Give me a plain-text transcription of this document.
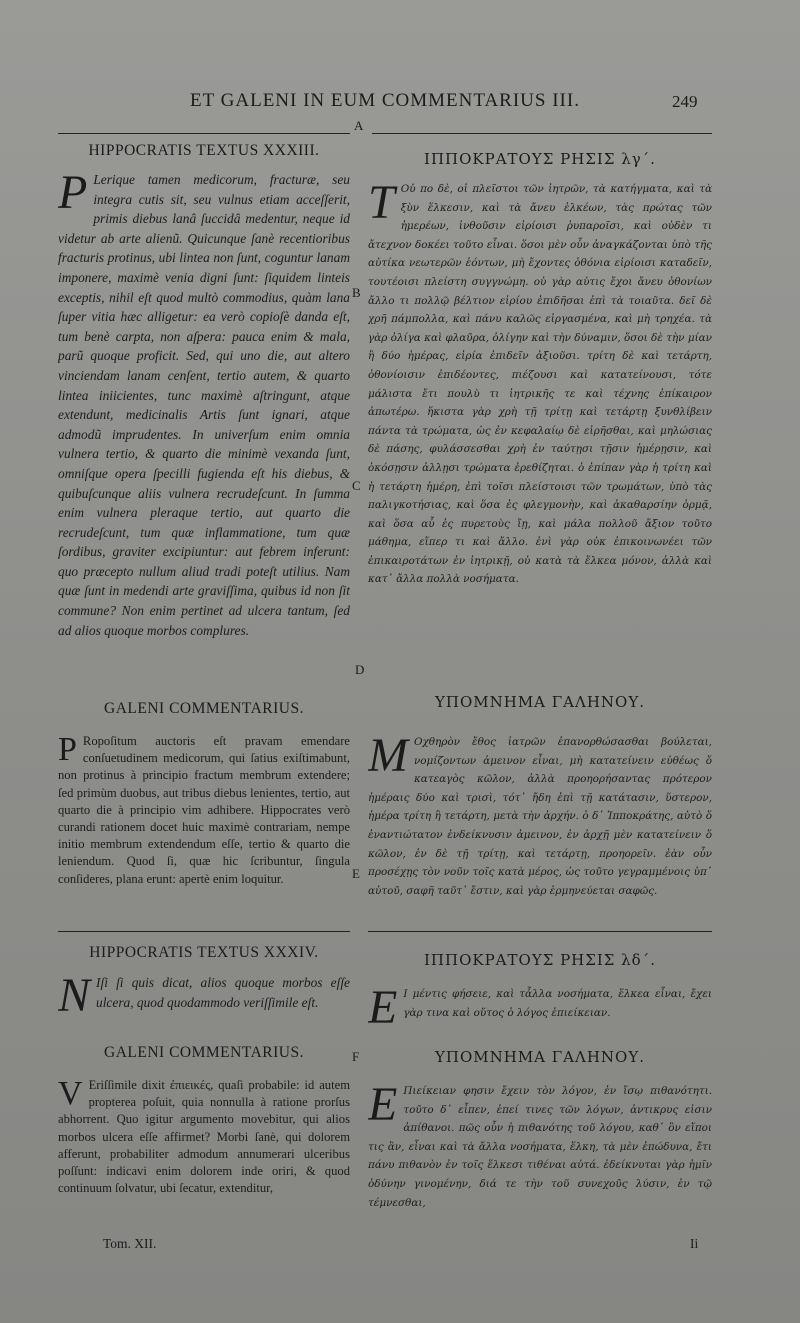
ET GALENI IN EUM COMMENTARIUS III.	249
A
B
C
D
E
F
HIPPOCRATIS TEXTUS XXXIII.

P Lerique tamen medicorum, fracturæ, seu integra cutis sit, seu vulnus etiam acceſſerit, primis diebus lanâ ſuccidâ medentur, neque id videtur ab arte alienũ. Quicunque ſanè recentioribus fracturis protinus, ubi lintea non ſunt, coguntur lanam imponere, maximè venia digni ſunt: ſiquidem linteis exceptis, nihil eſt quod multò commodius, quàm lana ſuper vitia hæc alligetur: ea verò copioſè danda eſt, tum benè carpta, non aſpera: pauca enim & mala, parũ quoque proficit. Sed, qui uno die, aut altero vinciendam lanam cenſent, tertio autem, & quarto lintea iniicientes, tunc maximè aſtringunt, atque extendunt, medicinalis Artis ſunt ignari, atque admodũ imprudentes. In univerſum enim omnia vulnera tertio, & quarto die minimè vexanda ſunt, omniſque opera ſpecilli fugienda eſt his diebus, & quibuſcunque aliis vulnera recrudeſcunt. In ſumma enim vulnera pleraque tertio, aut quarto die recrudeſcunt, tum quæ inflammatione, tum quæ ſordibus, graviter excipiuntur: aut febrem inferunt: quo præcepto nullum aliud tradi poteſt utilius. Nam quæ ſunt in medendi arte graviſſima, quibus id non ſit commune? Non enim pertinet ad ulcera tantum, ſed ad alios quoque morbos complures.

GALENI COMMENTARIUS.

P Ropoſitum auctoris eſt pravam emendare conſuetudinem medicorum, qui ſatius exiſtimabunt, non protinus à principio fractum membrum extendere; ſed primùm duobus, aut tribus diebus lenientes, tertio, aut quarto die à principio vim adhibere. Hippocrates verò curandi rationem docet huic maximè contrariam, nempe initio membrum extendendum eſſe, tertio & quarto die leniendum. Quod ſi, quæ hic ſcribuntur, ſingula conſideres, plana erunt: apertè enim loquitur.

HIPPOCRATIS TEXTUS XXXIV.

N Iſi ſi quis dicat, alios quoque morbos eſſe ulcera, quod quodammodo veriſſimile eſt.

GALENI COMMENTARIUS.

V Eriſſimile dixit ἐπιεικές, quaſi probabile: id autem propterea poſuit, quia nonnulla à ratione prorſus abhorrent. Quo igitur argumento movebitur, qui alios morbos ulcera eſſe affirmet? Morbi ſanè, qui dolorem afferunt, probabiliter admodum annumerari ulceribus poſſunt: indicavi enim dolorem inde oriri, & quod continuum ſolvatur, ubi ſecatur, extenditur,

Tom. XII.
ΙΠΠΟΚΡΑΤΟΥΣ ΡΗΣΙΣ λγ΄.

Τ Οὐ πο δὲ, οἱ πλεῖστοι τῶν ἰητρῶν, τὰ κατήγματα, καὶ τὰ ξὺν ἕλκεσιν, καὶ τὰ ἄνευ ἑλκέων, τὰς πρώτας τῶν ἡμερέων, ἰνθοῦσιν εἰρίοισι ῥυπαροῖσι, καὶ οὐδὲν τι ἄτεχνον δοκέει τοῦτο εἶναι. ὅσοι μὲν οὖν ἀναγκάζονται ὑπὸ τῆς αὐτίκα νεωτερῶν ἐόντων, μὴ ἔχοντες ὀθόνια εἰρίοισι καταδεῖν, τουτέοισι πλείστη συγγνώμη. οὐ γὰρ αὐτις ἔχοι ἄνευ ὀθονίων ἄλλο τι πολλῷ βέλτιον εἰρίου ἐπιδῆσαι ἐπὶ τὰ τοιαῦτα. δεῖ δὲ χρῆ πάμπολλα, καὶ πάνυ καλῶς εἰργασμένα, καὶ μὴ τρηχέα. τὰ γὰρ ὀλίγα καὶ φλαῦρα, ὀλίγην καὶ τὴν δύναμιν, ὅσοι δὲ τὴν μίαν ἢ δύο ἡμέρας, εἰρία ἐπιδεῖν ἀξιοῦσι. τρίτη δὲ καὶ τετάρτη, ὀθονίοισιν ἐπιδέοντες, πιέζουσι καὶ κατατείνουσι, τότε μάλιστα ἔτι πουλὺ τι ἰητρικῆς τε καὶ τέχνης ἐπίκαιρον ἀπωτέρω. ἥκιστα γὰρ χρὴ τῇ τρίτῃ καὶ τετάρτῃ ξυνθλίβειν πάντα τὰ τρώματα, ὡς ἐν κεφαλαίῳ δὲ εἰρῆσθαι, καὶ μηλώσιας δὲ πάσης, φυλάσσεσθαι χρὴ ἐν ταύτῃσι τῇσιν ἡμέρῃσιν, καὶ ὁκόσῃσιν ἀλλῃσι τρώματα ἐρεθίζηται. ὁ ἐπίπαν γὰρ ἡ τρίτη καὶ ἡ τετάρτη ἡμέρη, ἐπὶ τοῖσι πλείστοισι τῶν τρωμάτων, ὑπὸ τὰς παλιγκοτήσιας, καὶ ὅσα ἐς φλεγμονὴν, καὶ ἀκαθαρσίην ὁρμᾷ, καὶ ὅσα αὖ ἐς πυρετοὺς ἴῃ, καὶ μάλα πολλοῦ ἄξιον τοῦτο μάθημα, εἴπερ τι καὶ ἄλλο. ἐνὶ γὰρ οὐκ ἐπικοινωνέει τῶν ἐπικαιροτάτων ἐν ἰητρικῇ, οὐ κατὰ τὰ ἕλκεα μόνον, ἀλλὰ καὶ κατ᾽ ἄλλα πολλὰ νοσήματα.

ΥΠΟΜΝΗΜΑ ΓΑΛΗΝΟΥ.

Μ Οχθηρὸν ἔθος ἰατρῶν ἐπανορθώσασθαι βούλεται, νομίζοντων ἀμεινον εἶναι, μὴ κατατείνειν εὐθέως ὅ κατεαγὸς κῶλον, ἀλλὰ προηορήσαντας πρότερον ἡμέραις δύο καὶ τρισὶ, τότ᾽ ἤδη ἐπὶ τῇ κατάτασιν, ὕστερον, ἡμέρα τρίτη ἢ τετάρτη, μετὰ τὴν ἀρχήν. ὁ δ᾽ Ἱπποκράτης, αὐτὸ ὅ ἐναντιώτατον ἐνδείκνυσιν ἀμεινον, ἐν ἀρχῇ μὲν κατατείνειν ὅ κῶλον, ἐν δὲ τῇ τρίτῃ, καὶ τετάρτῃ, προηορεῖν. ἐὰν οὖν προσέχῃς τὸν νοῦν τοῖς κατὰ μέρος, ὡς τοῦτο γεγραμμένοις ὑπ᾽ αὐτοῦ, σαφῆ ταῦτ᾽ ἔστιν, καὶ γὰρ ἑρμηνεύεται σαφῶς.

ΙΠΠΟΚΡΑΤΟΥΣ ΡΗΣΙΣ λδ΄.

Ε Ι μέντις φήσειε, καὶ τἆλλα νοσήματα, ἕλκεα εἶναι, ἔχει γὰρ τινα καὶ οὕτος ὁ λόγος ἐπιείκειαν.

ΥΠΟΜΝΗΜΑ ΓΑΛΗΝΟΥ.

Ε Πιείκειαν φησιν ἔχειν τὸν λόγον, ἐν ἴσῳ πιθανότητι. τοῦτο δ᾽ εἶπεν, ἐπεί τινες τῶν λόγων, ἀντικρυς εἰσιν ἀπίθανοι. πῶς οὖν ἡ πιθανότης τοῦ λόγου, καθ᾽ ὃν εἴποι τις ἂν, εἶναι καὶ τὰ ἄλλα νοσήματα, ἕλκη, τὰ μὲν ἐπώδυνα, ἔτι πάνυ πιθανὸν ἐν τοῖς ἕλκεσι τιθέναι αὐτά. ἐδείκνυται γὰρ ἡμῖν ὀδύνην γινομένην, διά τε τὴν τοῦ συνεχοῦς λύσιν, ἐν τῷ τέμνεσθαι,

Ii
